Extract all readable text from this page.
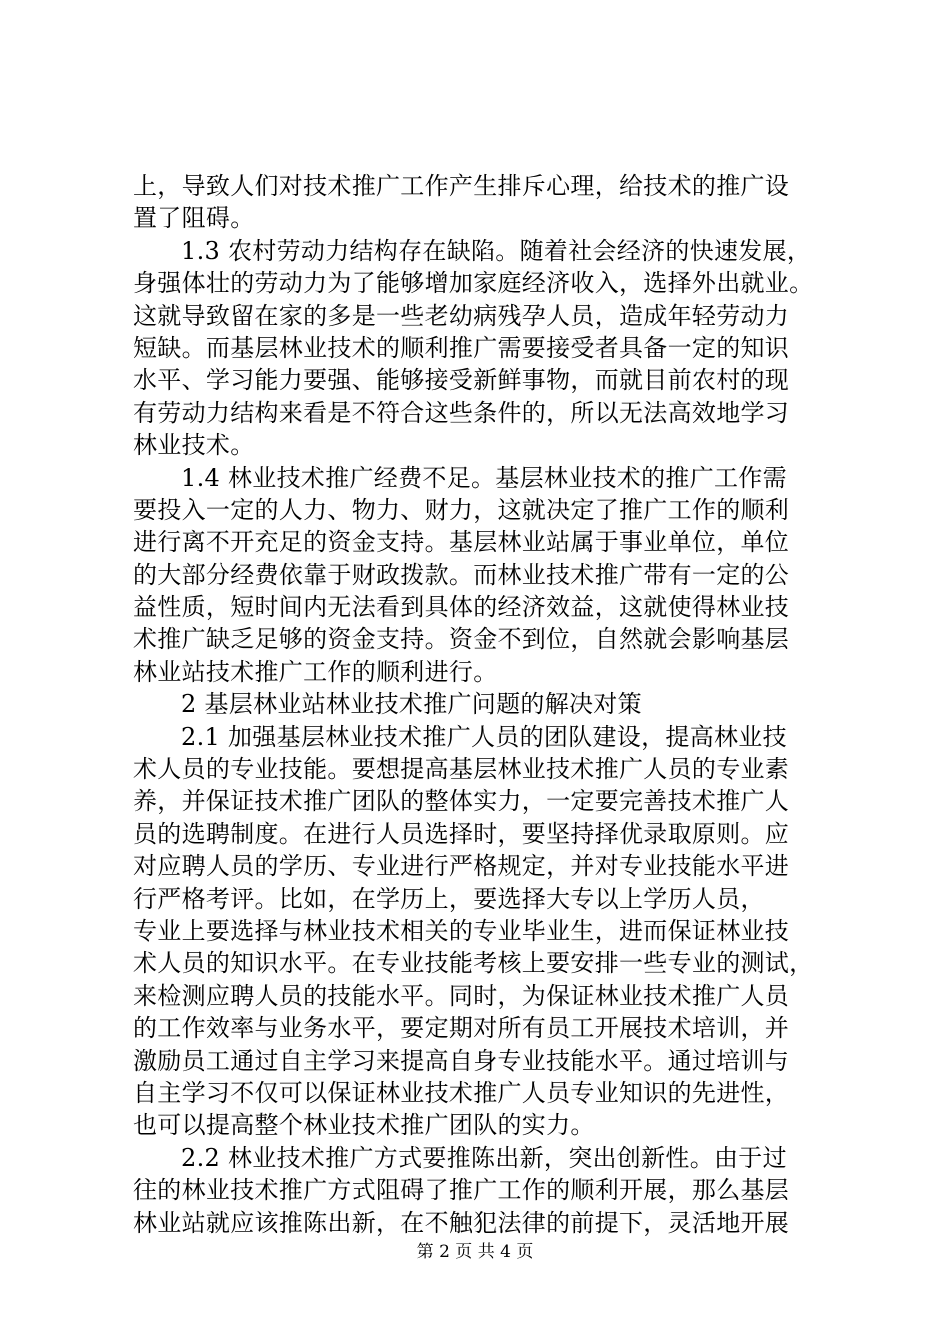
上，导致人们对技术推广工作产生排斥心理，给技术的推广设
置了阻碍。
1.3 农村劳动力结构存在缺陷。随着社会经济的快速发展，
身强体壮的劳动力为了能够增加家庭经济收入，选择外出就业。
这就导致留在家的多是一些老幼病残孕人员，造成年轻劳动力
短缺。而基层林业技术的顺利推广需要接受者具备一定的知识
水平、学习能力要强、能够接受新鲜事物，而就目前农村的现
有劳动力结构来看是不符合这些条件的，所以无法高效地学习
林业技术。
1.4 林业技术推广经费不足。基层林业技术的推广工作需
要投入一定的人力、物力、财力，这就决定了推广工作的顺利
进行离不开充足的资金支持。基层林业站属于事业单位，单位
的大部分经费依靠于财政拨款。而林业技术推广带有一定的公
益性质，短时间内无法看到具体的经济效益，这就使得林业技
术推广缺乏足够的资金支持。资金不到位，自然就会影响基层
林业站技术推广工作的顺利进行。
2 基层林业站林业技术推广问题的解决对策
2.1 加强基层林业技术推广人员的团队建设，提高林业技
术人员的专业技能。要想提高基层林业技术推广人员的专业素
养，并保证技术推广团队的整体实力，一定要完善技术推广人
员的选聘制度。在进行人员选择时，要坚持择优录取原则。应
对应聘人员的学历、专业进行严格规定，并对专业技能水平进
行严格考评。比如，在学历上，要选择大专以上学历人员，
专业上要选择与林业技术相关的专业毕业生，进而保证林业技
术人员的知识水平。在专业技能考核上要安排一些专业的测试，
来检测应聘人员的技能水平。同时，为保证林业技术推广人员
的工作效率与业务水平，要定期对所有员工开展技术培训，并
激励员工通过自主学习来提高自身专业技能水平。通过培训与
自主学习不仅可以保证林业技术推广人员专业知识的先进性，
也可以提高整个林业技术推广团队的实力。
2.2 林业技术推广方式要推陈出新，突出创新性。由于过
往的林业技术推广方式阻碍了推广工作的顺利开展，那么基层
林业站就应该推陈出新，在不触犯法律的前提下，灵活地开展
第 2 页 共 4 页
